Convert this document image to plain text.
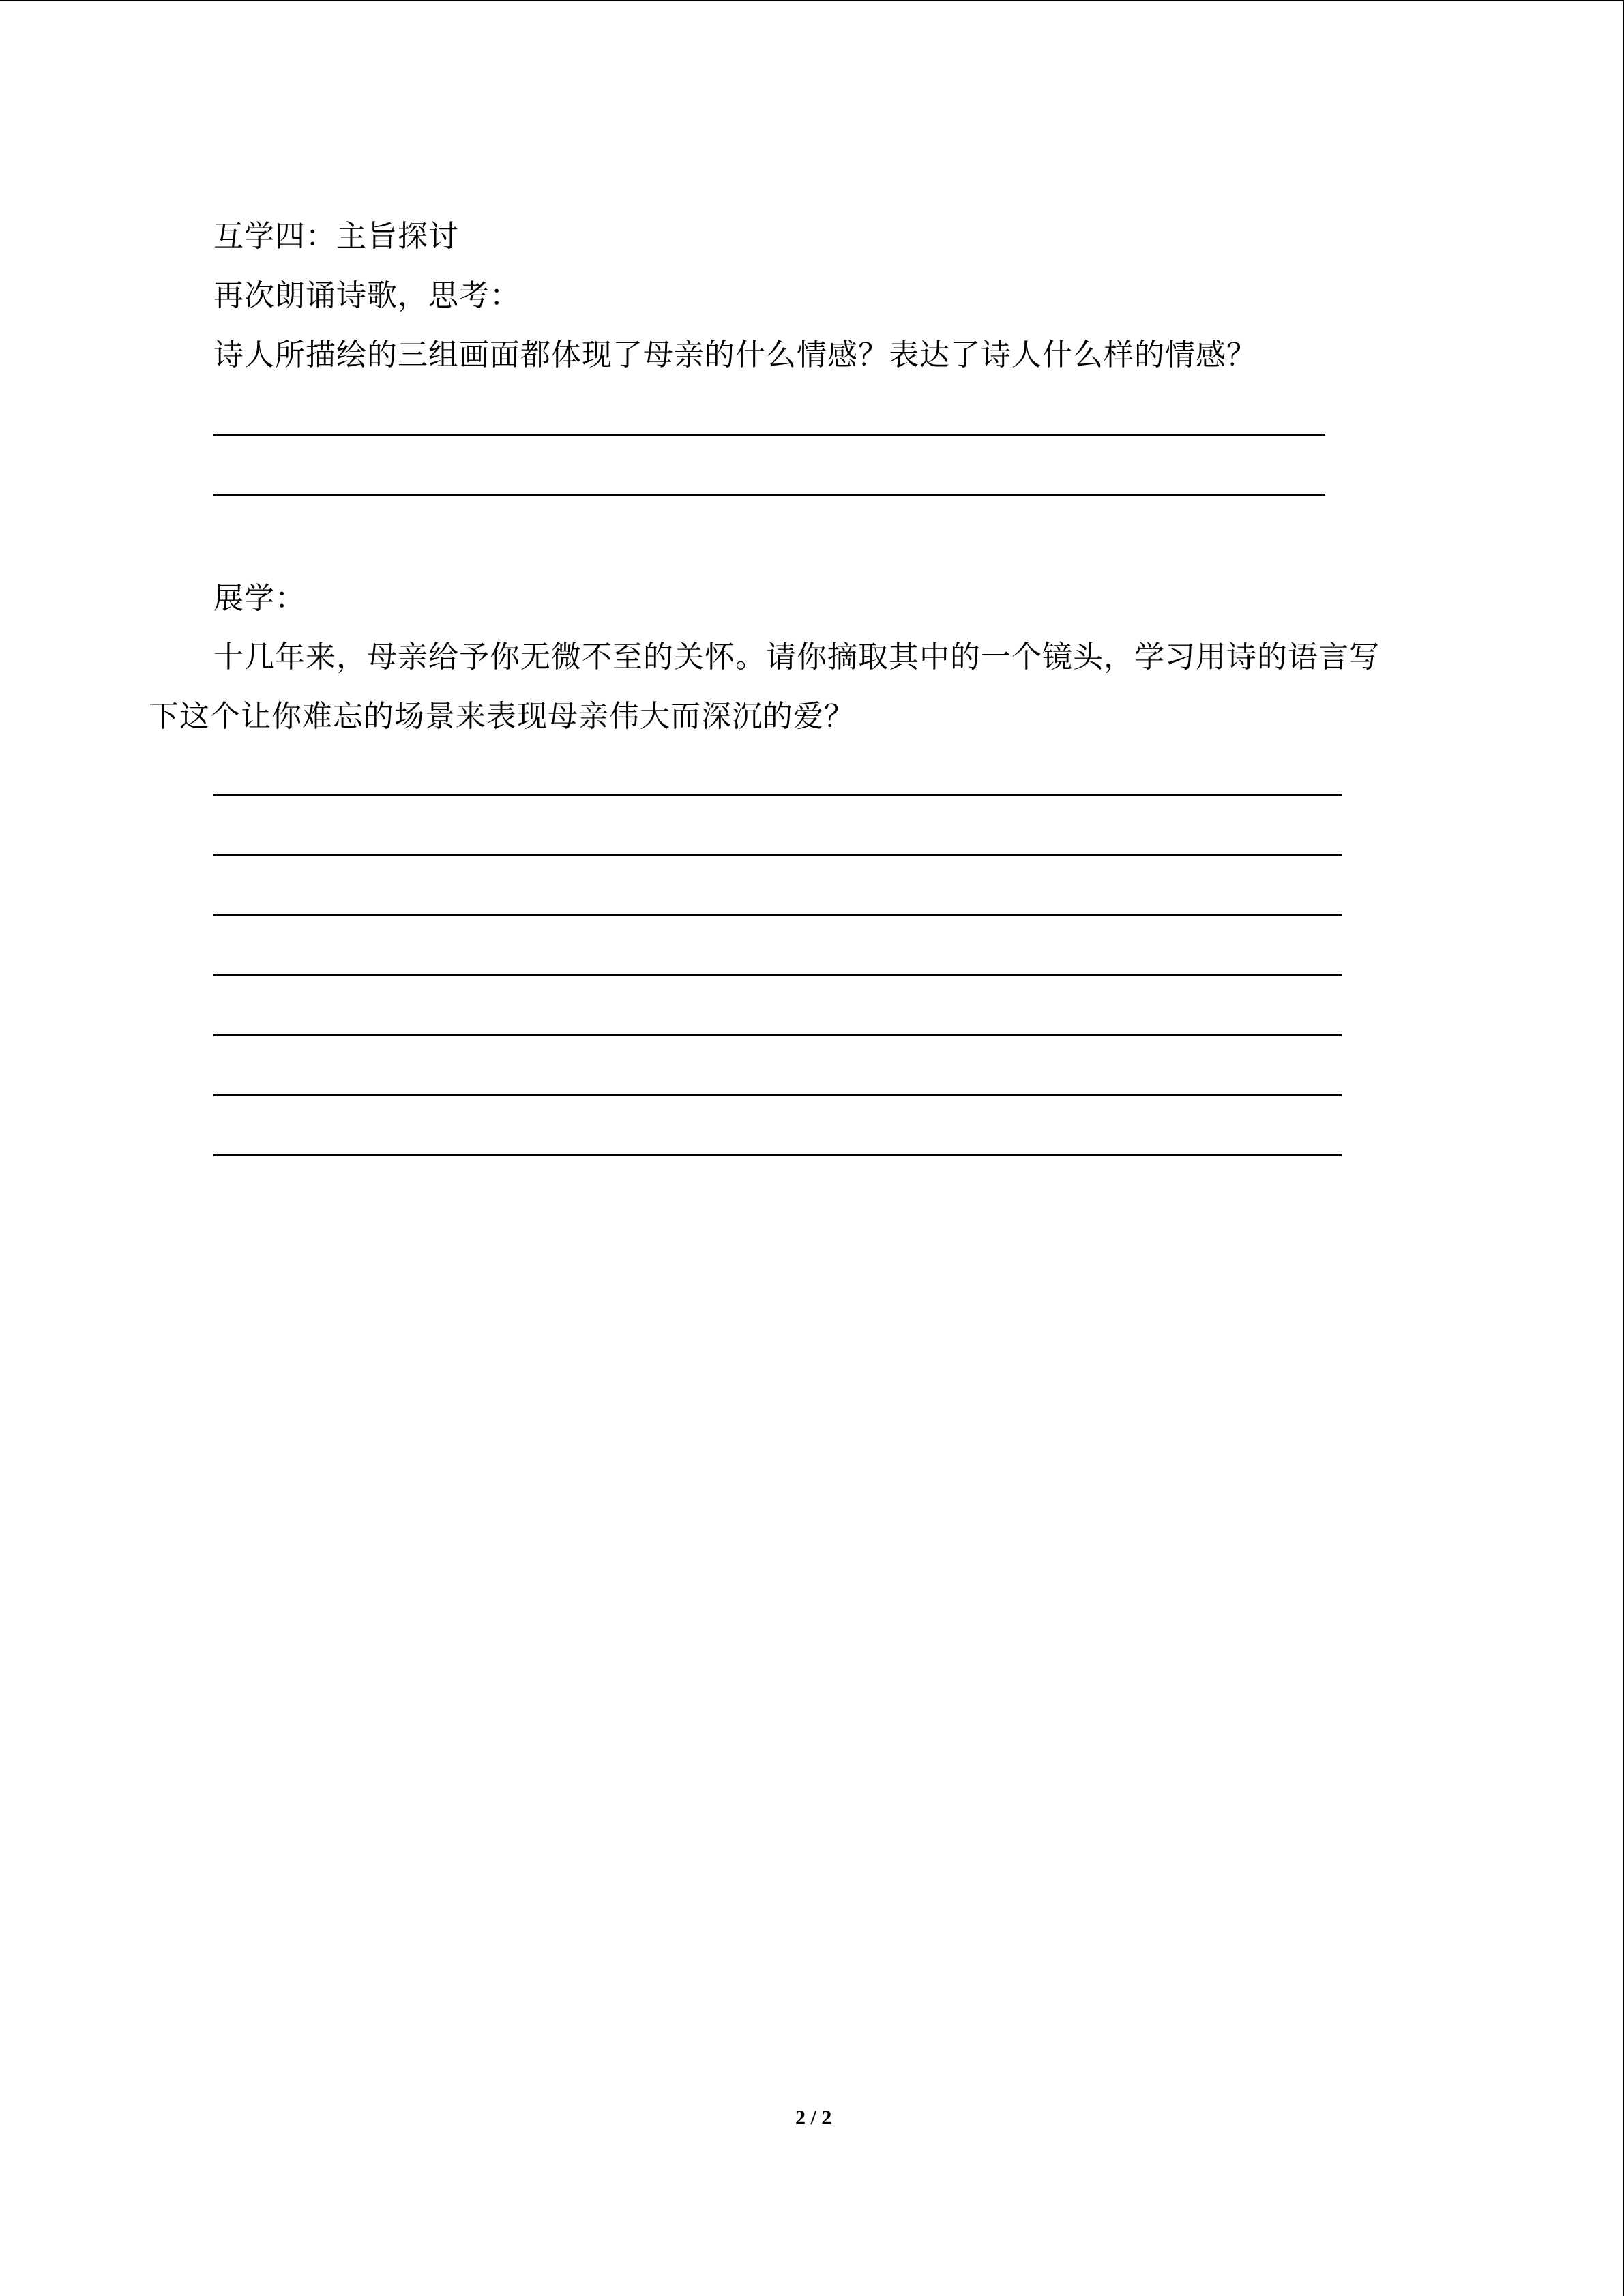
互学四：主旨探讨
再次朗诵诗歌，思考：
诗人所描绘的三组画面都体现了母亲的什么情感？表达了诗人什么样的情感？
展学：
十几年来，母亲给予你无微不至的关怀。请你摘取其中的一个镜头，学习用诗的语言写
下这个让你难忘的场景来表现母亲伟大而深沉的爱？
2 / 2
